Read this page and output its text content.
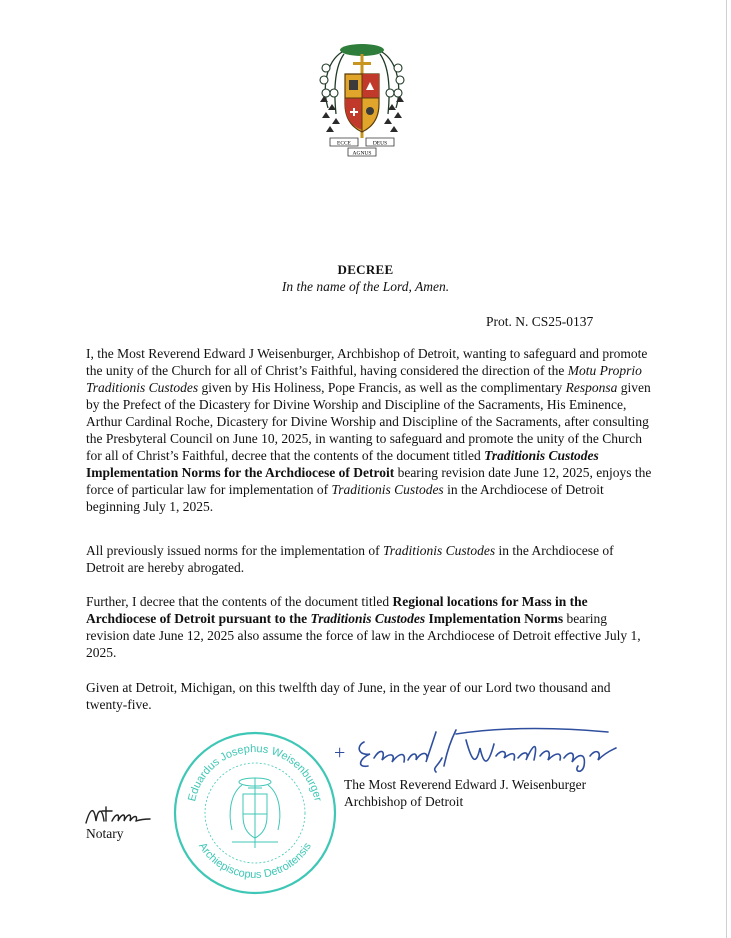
ECCE	DEUS
AGNUS
DECREE
In the name of the Lord, Amen.
Prot. N. CS25-0137

I, the Most Reverend Edward J Weisenburger, Archbishop of Detroit, wanting to safeguard and promote the unity of the Church for all of Christ’s Faithful, having considered the direction of the Motu Proprio Traditionis Custodes given by His Holiness, Pope Francis, as well as the complimentary Responsa given by the Prefect of the Dicastery for Divine Worship and Discipline of the Sacraments, His Eminence, Arthur Cardinal Roche, Dicastery for Divine Worship and Discipline of the Sacraments, after consulting the Presbyteral Council on June 10, 2025, in wanting to safeguard and promote the unity of the Church for all of Christ’s Faithful, decree that the contents of the document titled Traditionis Custodes Implementation Norms for the Archdiocese of Detroit bearing revision date June 12, 2025, enjoys the force of particular law for implementation of Traditionis Custodes in the Archdiocese of Detroit beginning July 1, 2025.

All previously issued norms for the implementation of Traditionis Custodes in the Archdiocese of Detroit are hereby abrogated.

Further, I decree that the contents of the document titled Regional locations for Mass in the Archdiocese of Detroit pursuant to the Traditionis Custodes Implementation Norms bearing revision date June 12, 2025 also assume the force of law in the Archdiocese of Detroit effective July 1, 2025.

Given at Detroit, Michigan, on this twelfth day of June, in the year of our Lord two thousand and twenty-five.

Eduardus Josephus Weisenburger
Archiepiscopus Detroitensis
+
The Most Reverend Edward J. Weisenburger
Archbishop of Detroit
Notary
